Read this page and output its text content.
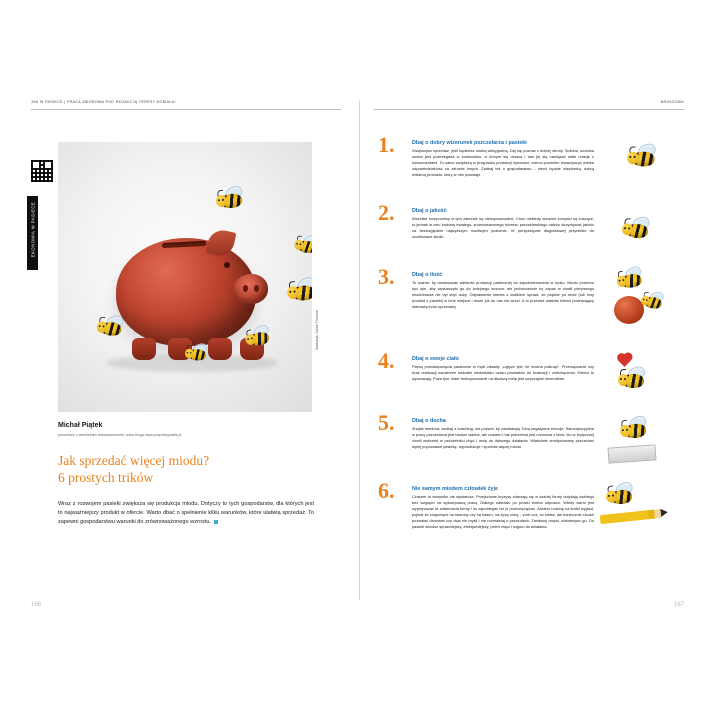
JAK W PASIECE | PRACA ZBIOROWA POD REDAKCJĄ TERESY KOBIAŁKI
EKONOMIA W PASIECE
Ilustracja: Julian Tromeur
Michał Piątek
pszczelarz z wieloletnim doświadczeniem, autor bloga www.pospolitypiatek.pl
Jak sprzedać więcej miodu?
6 prostych trików
Wraz z rozwojem pasieki zwiększa się produkcja miodu. Dotyczy to tych gospodarstw, dla których jest to najważniejszy produkt w ofercie. Warto dbać o spełnienie kilku warunków, które ułatwią sprzedaż. To zapewni gospodarstwu warunki do zrównoważonego wzrostu.
166
BRASZOWA
1.	Dbaj o dobry wizerunek pszczelarza i pasieki
Zwiększysz sprzedaż, jeśli będziesz osobą wiarygodną. Daj się poznać z dobrej strony. Solidna, uczciwa osoba jest postrzegana w środowisku, w którym się obraca i tam jej się nawiązać stałe relacje z konsumentami. To samo zwiększą w przypadku produkcji żywności, czemu powinien towarzyszyć wielka odpowiedzialność za zdrowie innych. Żadbaj też o gospodarstwo – niech będzie wizytówką, dobrą reklamą produktu, który w nim powstaje.
2.	Dbaj o jakość
Wszelkie kompromisy w tym zakresie są niedopuszczalne. Choć niekiedy doraźne korzyści są kuszące, to jednak w celu budowy trwałego, zrównoważonego biznesu pszczelarskiego należy utrzymywać jakość na bezwzględnie najwyższym możliwym poziomie. W perspektywie długofalowej przyniesie do oczekiwane skutki.
3.	Dbaj o ilość
To ważne, by dostosować wielkość produkcji pasiecznej do zapotrzebowania w rynku. Miodu powinno być tyle, aby wystarczyło go do kolejnego sezonu, ale jednocześnie by zapas w chwili pierwszego miodobrania nie był zbyt duży. Odprawienie klienta z kwitkiem sprawi, że pójdzie po miód (lub inny produkt z pasieki) w inne miejsce i może już do nas nie wróci. A to przecież właśnie klienci powracający stanowią trzon sprzedaży.
4.	Dbaj o swoje ciało
Planuj przedsięwzięcia pasieczne w myśl zasady: „ugryźć tyle, ile można połknąć”. Przemęczanie czy brak realizacji zamierzeń wskutek niedostatku czasu prowadzić do frustracji i zniechęcenia. Klienci to wyczuwają. Poza tym, takie funkcjonowanie na dłuższą metę jest zwyczajnie niemożliwe.
5.	Dbaj o ducha
Znajdź mentora, zadbaj o coaching, nie pozwól, by zawładnęły Tobą negatywne emocje. Samodyscyplina w pracy pszczelarza jest bardzo ważna, ale czasem i tak potrzebna jest rozmowa z kimś, kto w krytycznej chwili wskrzesi w pszczelniku chęć i wolę do dalszego działania. Właściwie zmotywowany pszczelarz lepiej poprowadzi pasiekę, wyprodukuje i sprzeda więcej miodu.
6.	Nie samym miodem człowiek żyje
Czasem to wszystko nie wystarcza. Przejściowe kryzysy zdarzają się w każdej formy dotykają każdego bez względu na wykonywaną pracę. Dlatego należało po prostu trzeba odpuścić. Wtedy warto jest wypreparzać te zatarmania formy i im zapobiegać niż je przezwyciężać. Zabierz rodzinę na krótki wyjazd, pojedź ze znajomymi na stranicę czy na basen, na żywy zimą – zrób coś, co lubisz, ale koniecznie chodzi pozwalać drzwiami czy dwa nie myśli i nie rozmawiaj o pszczołach. Zrelaksuj umysł, odświeżysz go. Do pasieki wrócisz sprawniejszy, efektywniejszy, pełen chęci i wigoru do działania.
167
